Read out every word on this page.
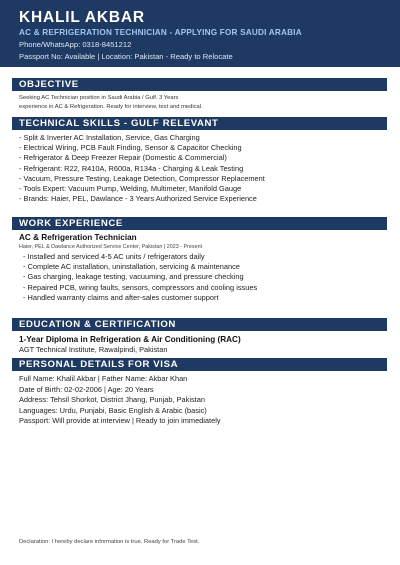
KHALIL AKBAR
AC & REFRIGERATION TECHNICIAN - APPLYING FOR SAUDI ARABIA
Phone/WhatsApp: 0318-8451212
Passport No: Available | Location: Pakistan - Ready to Relocate
OBJECTIVE
Seeking AC Technician position in Saudi Arabia / Gulf. 3 Years
experience in AC & Refrigeration. Ready for interview, test and medical.
TECHNICAL SKILLS - GULF RELEVANT
- Split & Inverter AC Installation, Service, Gas Charging
- Electrical Wiring, PCB Fault Finding, Sensor & Capacitor Checking
- Refrigerator & Deep Freezer Repair (Domestic & Commercial)
- Refrigerant: R22, R410A, R600a, R134a - Charging & Leak Testing
- Vacuum, Pressure Testing, Leakage Detection, Compressor Replacement
- Tools Expert: Vacuum Pump, Welding, Multimeter, Manifold Gauge
- Brands: Haier, PEL, Dawlance - 3 Years Authorized Service Experience
WORK EXPERIENCE
AC & Refrigeration Technician
Haier, PEL & Dawlance Authorized Service Center, Pakistan | 2023 - Present
- Installed and serviced 4-5 AC units / refrigerators daily
- Complete AC installation, uninstallation, servicing & maintenance
- Gas charging, leakage testing, vacuuming, and pressure checking
- Repaired PCB, wiring faults, sensors, compressors and cooling issues
- Handled warranty claims and after-sales customer support
EDUCATION & CERTIFICATION
1-Year Diploma in Refrigeration & Air Conditioning (RAC)
AGT Technical Institute, Rawalpindi, Pakistan
PERSONAL DETAILS FOR VISA
Full Name: Khalil Akbar | Father Name: Akbar Khan
Date of Birth: 02-02-2006 | Age: 20 Years
Address: Tehsil Shorkot, District Jhang, Punjab, Pakistan
Languages: Urdu, Punjabi, Basic English & Arabic (basic)
Passport: Will provide at interview | Ready to join immediately
Declaration: I hereby declare information is true. Ready for Trade Test.
